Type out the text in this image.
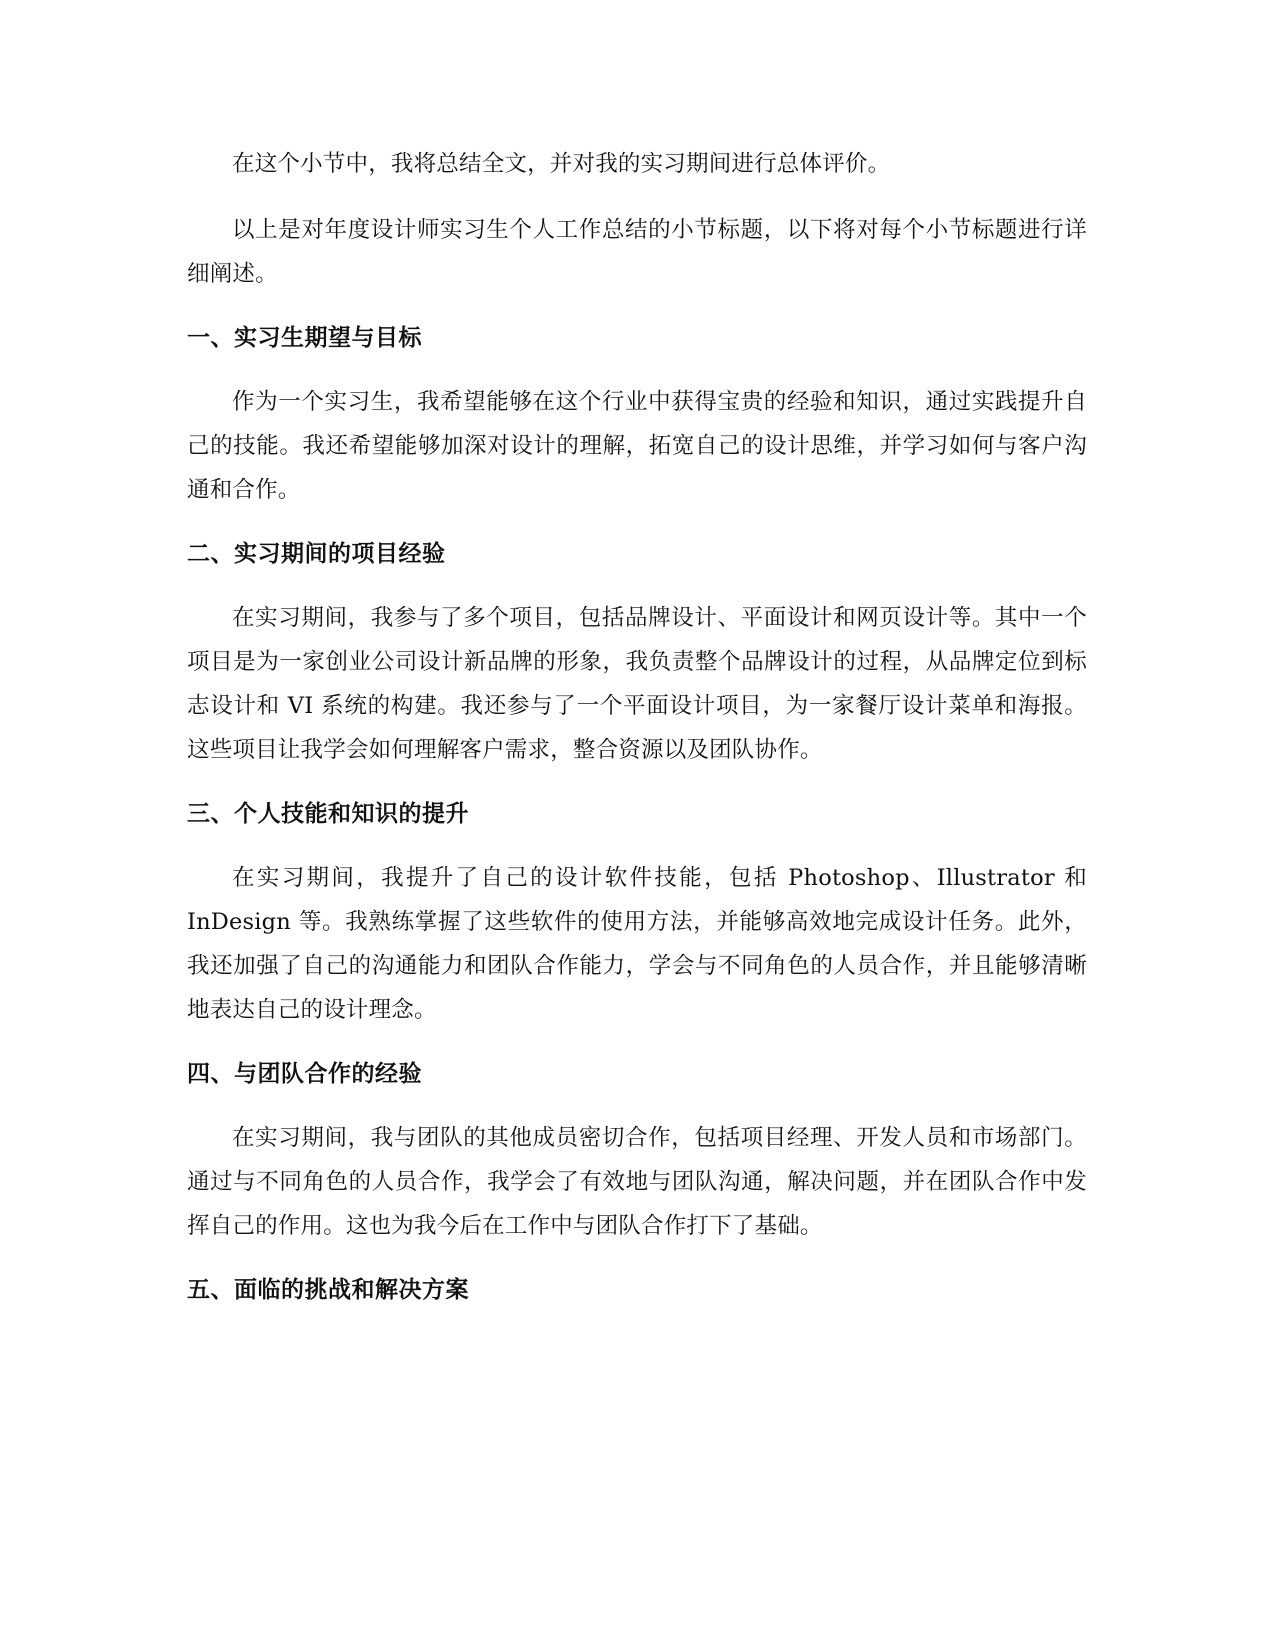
在这个小节中，我将总结全文，并对我的实习期间进行总体评价。

以上是对年度设计师实习生个人工作总结的小节标题，以下将对每个小节标题进行详细阐述。

一、实习生期望与目标

作为一个实习生，我希望能够在这个行业中获得宝贵的经验和知识，通过实践提升自己的技能。我还希望能够加深对设计的理解，拓宽自己的设计思维，并学习如何与客户沟通和合作。

二、实习期间的项目经验

在实习期间，我参与了多个项目，包括品牌设计、平面设计和网页设计等。其中一个项目是为一家创业公司设计新品牌的形象，我负责整个品牌设计的过程，从品牌定位到标志设计和 VI 系统的构建。我还参与了一个平面设计项目，为一家餐厅设计菜单和海报。这些项目让我学会如何理解客户需求，整合资源以及团队协作。

三、个人技能和知识的提升

在实习期间，我提升了自己的设计软件技能，包括 Photoshop、Illustrator 和 InDesign 等。我熟练掌握了这些软件的使用方法，并能够高效地完成设计任务。此外，我还加强了自己的沟通能力和团队合作能力，学会与不同角色的人员合作，并且能够清晰地表达自己的设计理念。

四、与团队合作的经验

在实习期间，我与团队的其他成员密切合作，包括项目经理、开发人员和市场部门。通过与不同角色的人员合作，我学会了有效地与团队沟通，解决问题，并在团队合作中发挥自己的作用。这也为我今后在工作中与团队合作打下了基础。

五、面临的挑战和解决方案
